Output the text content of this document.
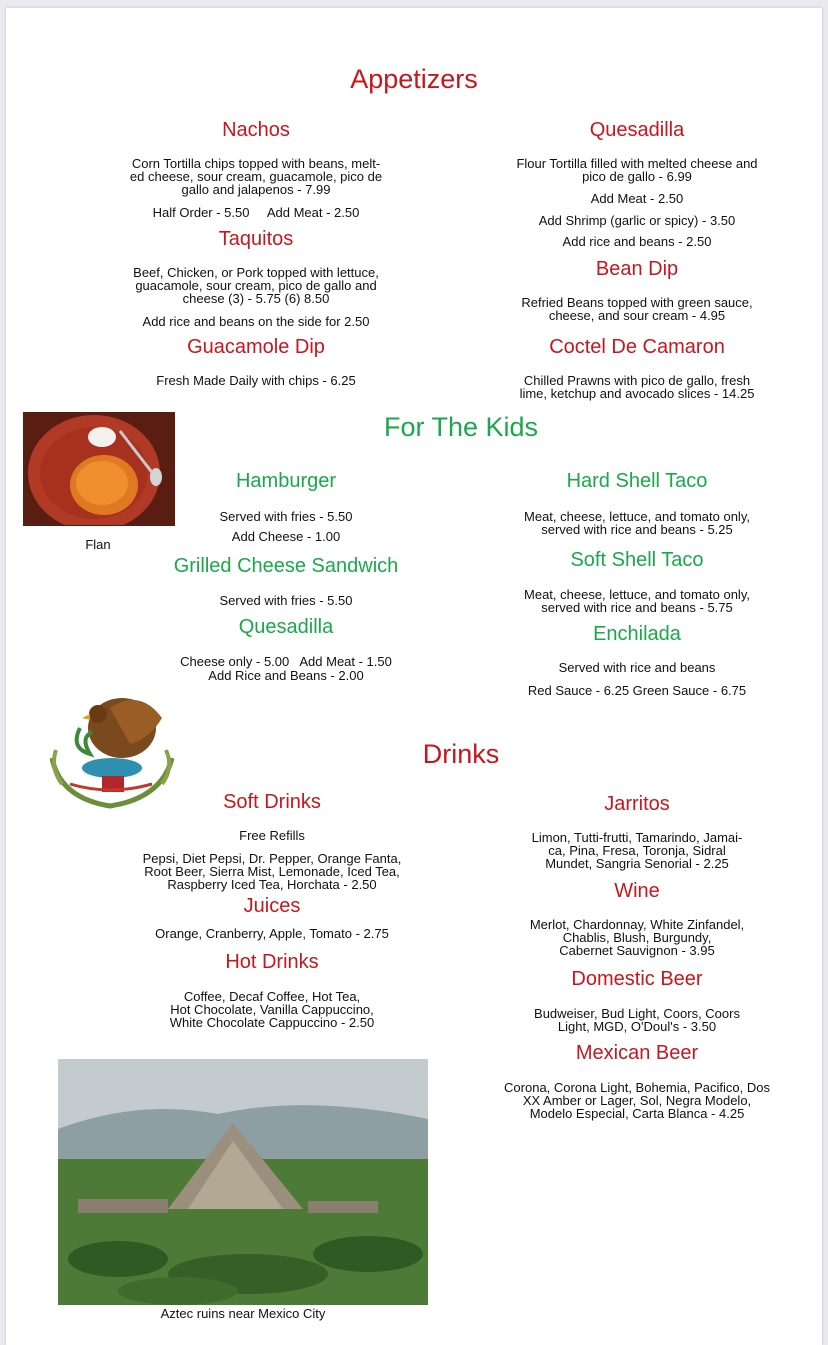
Appetizers
Nachos
Corn Tortilla chips topped with beans, melt-
ed cheese, sour cream, guacamole, pico de
gallo and jalapenos - 7.99
Half Order - 5.50     Add Meat - 2.50
Taquitos
Beef, Chicken, or Pork topped with lettuce,
guacamole, sour cream, pico de gallo and
cheese (3) - 5.75 (6) 8.50
Add rice and beans on the side for 2.50
Guacamole Dip
Fresh Made Daily with chips - 6.25
Quesadilla
Flour Tortilla filled with melted cheese and
pico de gallo - 6.99
Add Meat - 2.50
Add Shrimp (garlic or spicy) - 3.50
Add rice and beans - 2.50
Bean Dip
Refried Beans topped with green sauce,
cheese, and sour cream - 4.95
Coctel De Camaron
Chilled Prawns with pico de gallo, fresh
lime, ketchup and avocado slices - 14.25
Flan
For The Kids
Hamburger
Served with fries - 5.50
Add Cheese - 1.00
Grilled Cheese Sandwich
Served with fries - 5.50
Quesadilla
Cheese only - 5.00   Add Meat - 1.50
Add Rice and Beans - 2.00
Hard Shell Taco
Meat, cheese, lettuce, and tomato only,
served with rice and beans - 5.25
Soft Shell Taco
Meat, cheese, lettuce, and tomato only,
served with rice and beans - 5.75
Enchilada
Served with rice and beans
Red Sauce - 6.25 Green Sauce - 6.75
Drinks
Soft Drinks
Free Refills
Pepsi, Diet Pepsi, Dr. Pepper, Orange Fanta,
Root Beer, Sierra Mist, Lemonade, Iced Tea,
Raspberry Iced Tea, Horchata - 2.50
Juices
Orange, Cranberry, Apple, Tomato - 2.75
Hot Drinks
Coffee, Decaf Coffee, Hot Tea,
Hot Chocolate, Vanilla Cappuccino,
White Chocolate Cappuccino - 2.50
Jarritos
Limon, Tutti-frutti, Tamarindo, Jamai-
ca, Pina, Fresa, Toronja, Sidral
Mundet, Sangria Senorial - 2.25
Wine
Merlot, Chardonnay, White Zinfandel,
Chablis, Blush, Burgundy,
Cabernet Sauvignon - 3.95
Domestic Beer
Budweiser, Bud Light, Coors, Coors
Light, MGD, O'Doul's - 3.50
Mexican Beer
Corona, Corona Light, Bohemia, Pacifico, Dos
XX Amber or Lager, Sol, Negra Modelo,
Modelo Especial, Carta Blanca - 4.25
Aztec ruins near Mexico City
